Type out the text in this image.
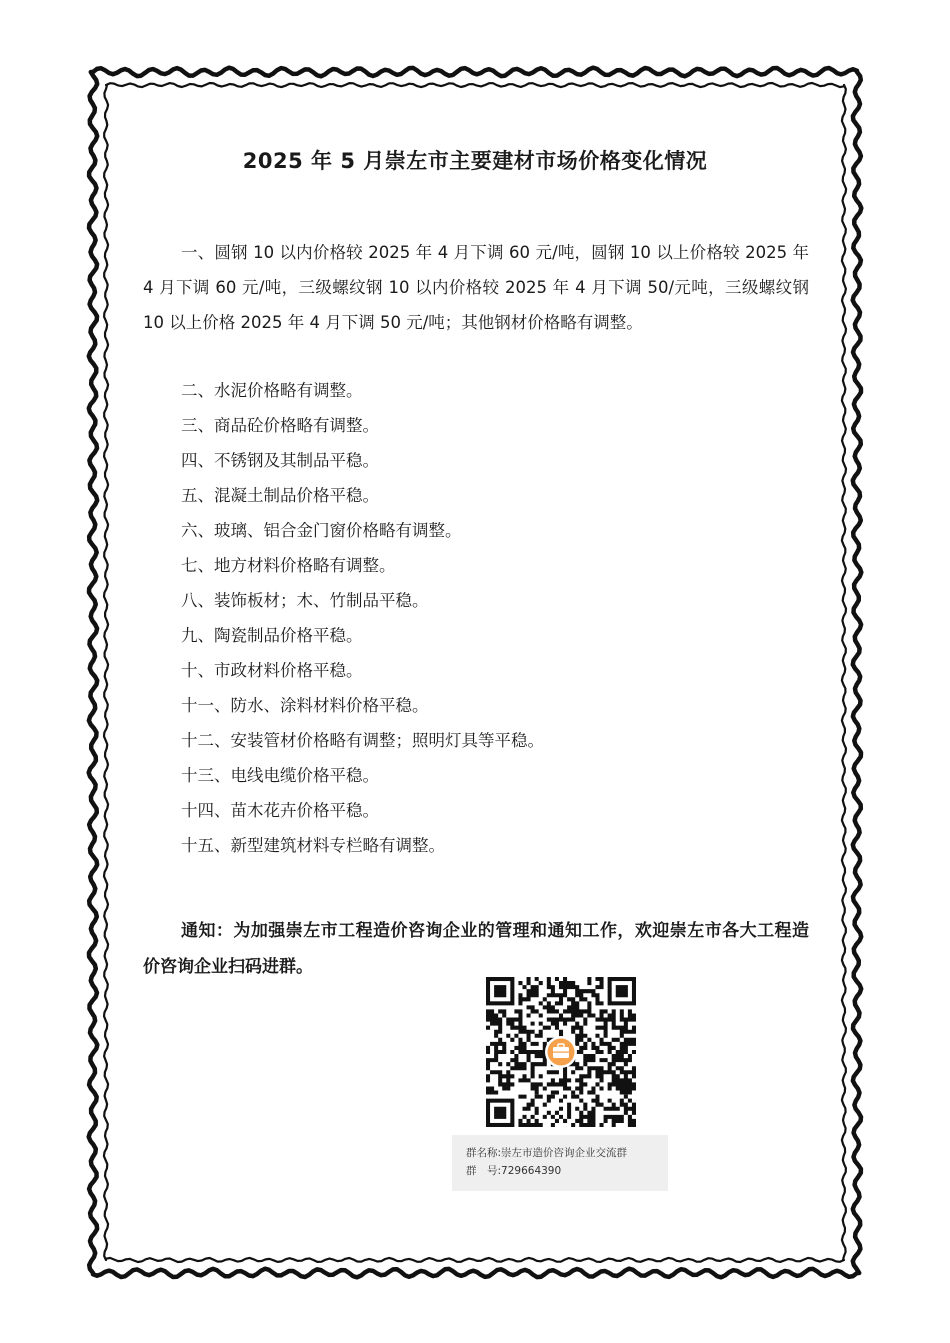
2025 年 5 月崇左市主要建材市场价格变化情况

一、圆钢 10 以内价格较 2025 年 4 月下调 60 元/吨，圆钢 10 以上价格较 2025 年 4 月下调 60 元/吨，三级螺纹钢 10 以内价格较 2025 年 4 月下调 50/元吨，三级螺纹钢 10 以上价格 2025 年 4 月下调 50 元/吨；其他钢材价格略有调整。

二、水泥价格略有调整。
三、商品砼价格略有调整。
四、不锈钢及其制品平稳。
五、混凝土制品价格平稳。
六、玻璃、铝合金门窗价格略有调整。
七、地方材料价格略有调整。
八、装饰板材；木、竹制品平稳。
九、陶瓷制品价格平稳。
十、市政材料价格平稳。
十一、防水、涂料材料价格平稳。
十二、安装管材价格略有调整；照明灯具等平稳。
十三、电线电缆价格平稳。
十四、苗木花卉价格平稳。
十五、新型建筑材料专栏略有调整。

通知：为加强崇左市工程造价咨询企业的管理和通知工作，欢迎崇左市各大工程造价咨询企业扫码进群。

群名称:崇左市造价咨询企业交流群
群　号:729664390
